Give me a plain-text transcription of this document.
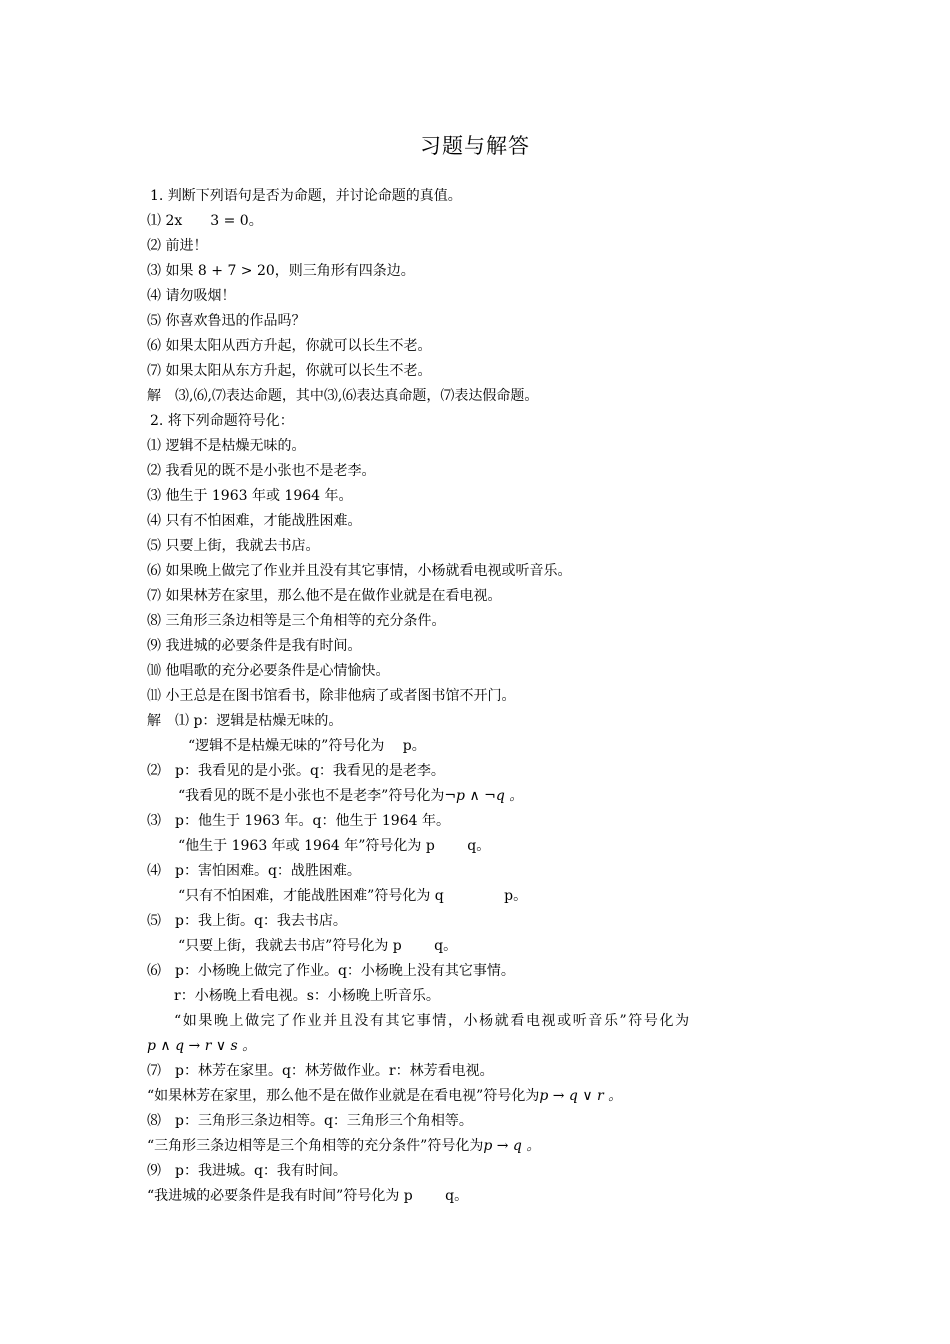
习题与解答
1. 判断下列语句是否为命题，并讨论命题的真值。
⑴ 2x　　3 = 0。
⑵ 前进！
⑶ 如果 8 + 7 > 20，则三角形有四条边。
⑷ 请勿吸烟！
⑸ 你喜欢鲁迅的作品吗？
⑹ 如果太阳从西方升起，你就可以长生不老。
⑺ 如果太阳从东方升起，你就可以长生不老。
解　⑶,⑹,⑺表达命题，其中⑶,⑹表达真命题，⑺表达假命题。
2. 将下列命题符号化：
⑴ 逻辑不是枯燥无味的。
⑵ 我看见的既不是小张也不是老李。
⑶ 他生于 1963 年或 1964 年。
⑷ 只有不怕困难，才能战胜困难。
⑸ 只要上街，我就去书店。
⑹ 如果晚上做完了作业并且没有其它事情，小杨就看电视或听音乐。
⑺ 如果林芳在家里，那么他不是在做作业就是在看电视。
⑻ 三角形三条边相等是三个角相等的充分条件。
⑼ 我进城的必要条件是我有时间。
⑽ 他唱歌的充分必要条件是心情愉快。
⑾ 小王总是在图书馆看书，除非他病了或者图书馆不开门。
解　⑴ p：逻辑是枯燥无味的。
“逻辑不是枯燥无味的”符号化为　 p。
⑵　p：我看见的是小张。q：我看见的是老李。
“我看见的既不是小张也不是老李”符号化为¬p ∧ ¬q 。
⑶　p：他生于 1963 年。q：他生于 1964 年。
“他生于 1963 年或 1964 年”符号化为 p　　 q。
⑷　p：害怕困难。q：战胜困难。
“只有不怕困难，才能战胜困难”符号化为 q　　　　 p。
⑸　p：我上街。q：我去书店。
“只要上街，我就去书店”符号化为 p　　 q。
⑹　p：小杨晚上做完了作业。q：小杨晚上没有其它事情。
r：小杨晚上看电视。s：小杨晚上听音乐。
“如果晚上做完了作业并且没有其它事情，小杨就看电视或听音乐”符号化为
p ∧ q → r ∨ s 。
⑺　p：林芳在家里。q：林芳做作业。r：林芳看电视。
“如果林芳在家里，那么他不是在做作业就是在看电视”符号化为p → q ∨ r 。
⑻　p：三角形三条边相等。q：三角形三个角相等。
“三角形三条边相等是三个角相等的充分条件”符号化为p → q 。
⑼　p：我进城。q：我有时间。
“我进城的必要条件是我有时间”符号化为 p　　 q。
